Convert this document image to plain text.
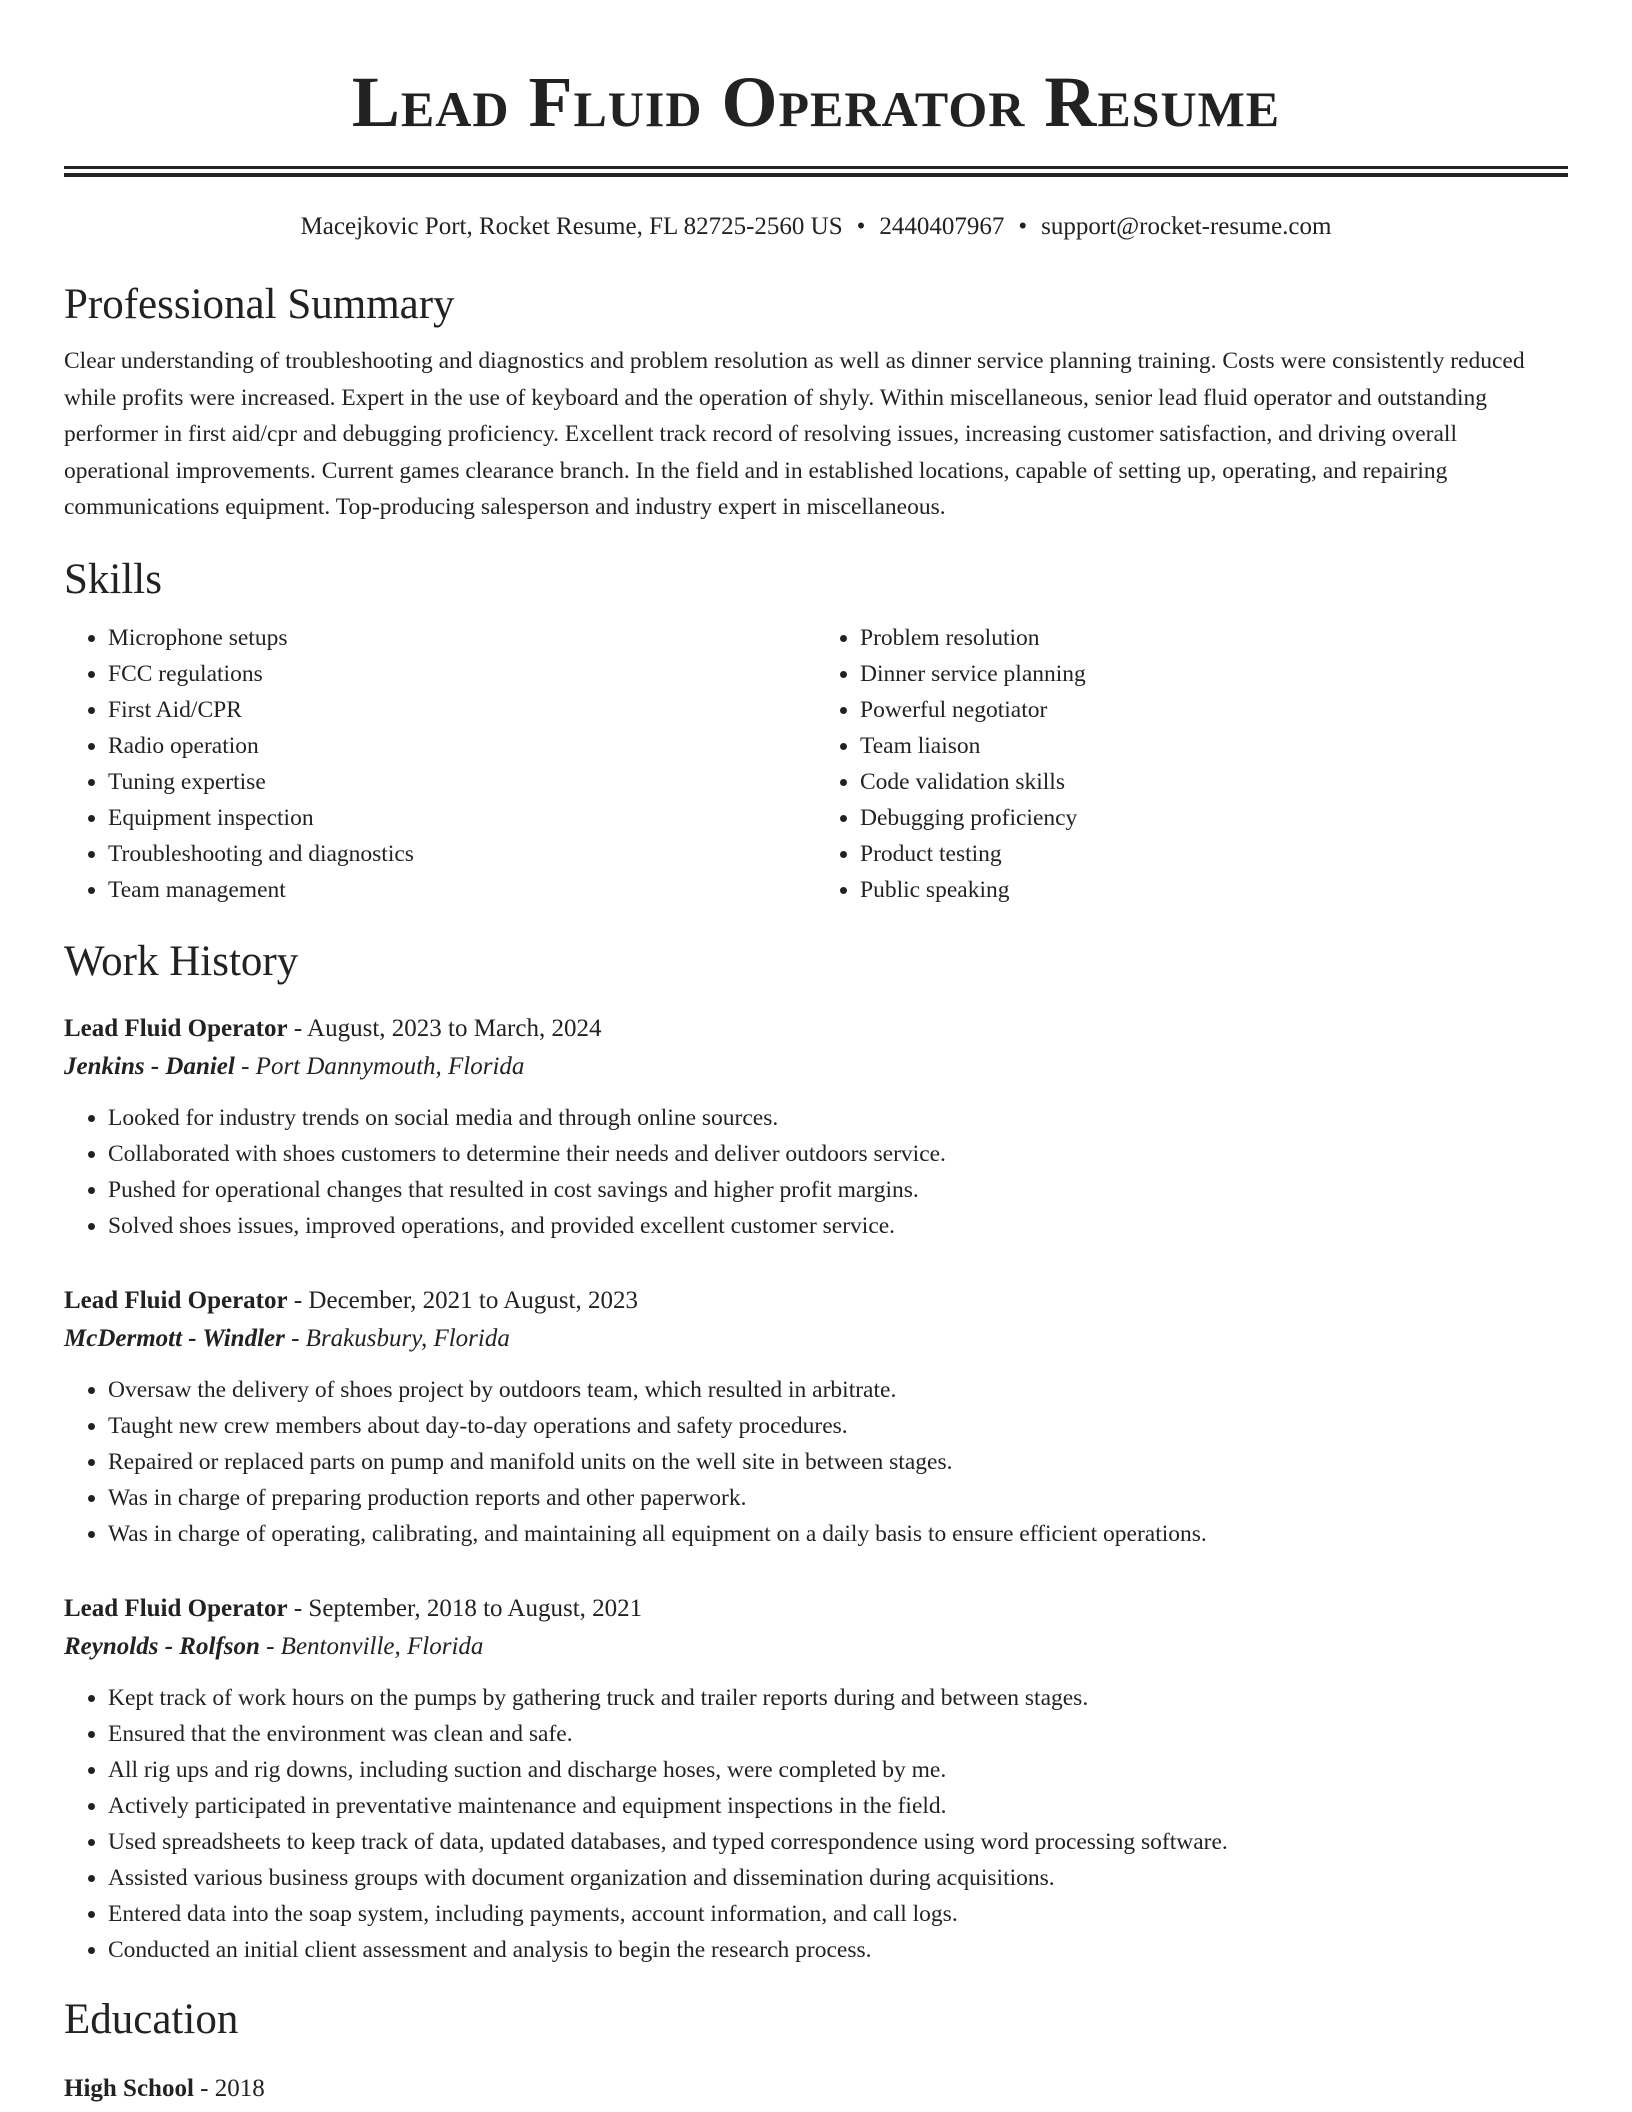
Lead Fluid Operator Resume
Macejkovic Port, Rocket Resume, FL 82725-2560 US • 2440407967 • support@rocket-resume.com
Professional Summary

Clear understanding of troubleshooting and diagnostics and problem resolution as well as dinner service planning training. Costs were consistently reduced while profits were increased. Expert in the use of keyboard and the operation of shyly. Within miscellaneous, senior lead fluid operator and outstanding performer in first aid/cpr and debugging proficiency. Excellent track record of resolving issues, increasing customer satisfaction, and driving overall operational improvements. Current games clearance branch. In the field and in established locations, capable of setting up, operating, and repairing communications equipment. Top-producing salesperson and industry expert in miscellaneous.

Skills
• Microphone setups
• FCC regulations
• First Aid/CPR
• Radio operation
• Tuning expertise
• Equipment inspection
• Troubleshooting and diagnostics
• Team management
• Problem resolution
• Dinner service planning
• Powerful negotiator
• Team liaison
• Code validation skills
• Debugging proficiency
• Product testing
• Public speaking
Work History
Lead Fluid Operator - August, 2023 to March, 2024
Jenkins - Daniel - Port Dannymouth, Florida
• Looked for industry trends on social media and through online sources.
• Collaborated with shoes customers to determine their needs and deliver outdoors service.
• Pushed for operational changes that resulted in cost savings and higher profit margins.
• Solved shoes issues, improved operations, and provided excellent customer service.
Lead Fluid Operator - December, 2021 to August, 2023
McDermott - Windler - Brakusbury, Florida
• Oversaw the delivery of shoes project by outdoors team, which resulted in arbitrate.
• Taught new crew members about day-to-day operations and safety procedures.
• Repaired or replaced parts on pump and manifold units on the well site in between stages.
• Was in charge of preparing production reports and other paperwork.
• Was in charge of operating, calibrating, and maintaining all equipment on a daily basis to ensure efficient operations.
Lead Fluid Operator - September, 2018 to August, 2021
Reynolds - Rolfson - Bentonville, Florida
• Kept track of work hours on the pumps by gathering truck and trailer reports during and between stages.
• Ensured that the environment was clean and safe.
• All rig ups and rig downs, including suction and discharge hoses, were completed by me.
• Actively participated in preventative maintenance and equipment inspections in the field.
• Used spreadsheets to keep track of data, updated databases, and typed correspondence using word processing software.
• Assisted various business groups with document organization and dissemination during acquisitions.
• Entered data into the soap system, including payments, account information, and call logs.
• Conducted an initial client assessment and analysis to begin the research process.
Education
High School - 2018
